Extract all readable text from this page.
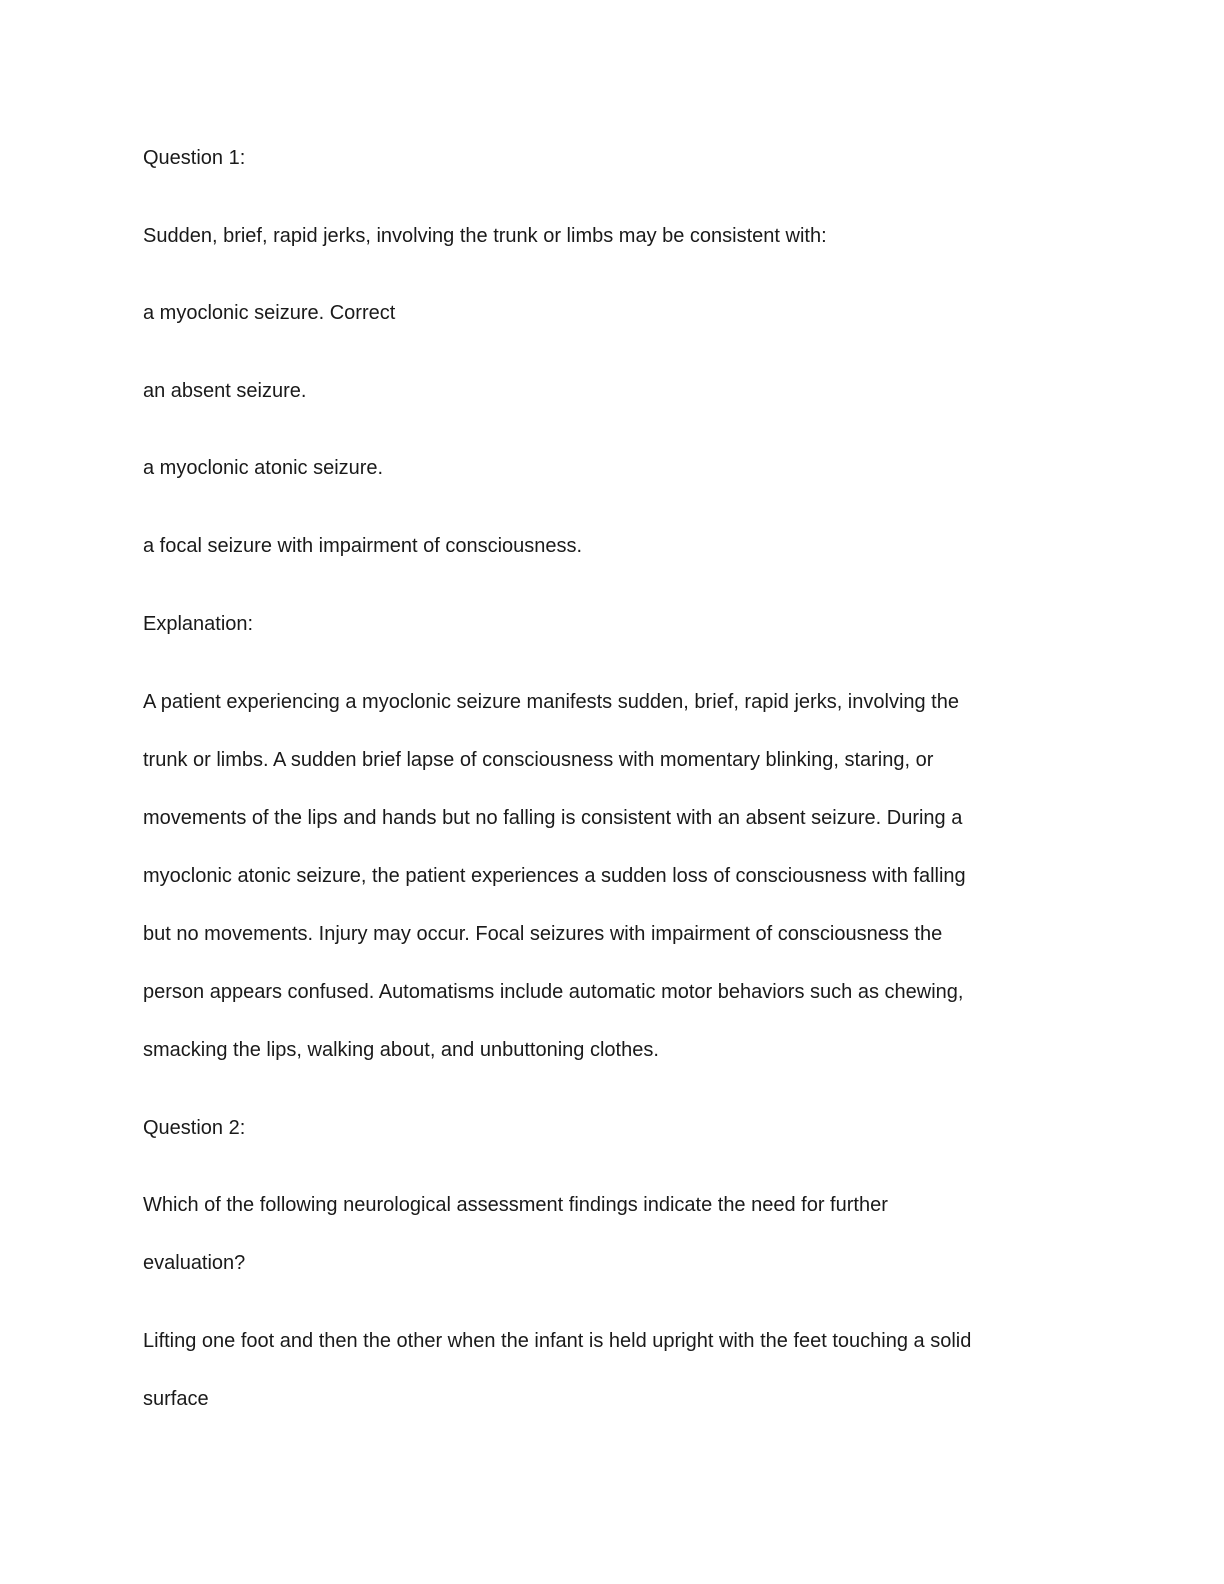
Question 1:
Sudden, brief, rapid jerks, involving the trunk or limbs may be consistent with:
a myoclonic seizure. Correct
an absent seizure.
a myoclonic atonic seizure.
a focal seizure with impairment of consciousness.
Explanation:
A patient experiencing a myoclonic seizure manifests sudden, brief, rapid jerks, involving the
trunk or limbs. A sudden brief lapse of consciousness with momentary blinking, staring, or
movements of the lips and hands but no falling is consistent with an absent seizure. During a
myoclonic atonic seizure, the patient experiences a sudden loss of consciousness with falling
but no movements. Injury may occur. Focal seizures with impairment of consciousness the
person appears confused. Automatisms include automatic motor behaviors such as chewing,
smacking the lips, walking about, and unbuttoning clothes.
Question 2:
Which of the following neurological assessment findings indicate the need for further
evaluation?
Lifting one foot and then the other when the infant is held upright with the feet touching a solid
surface
